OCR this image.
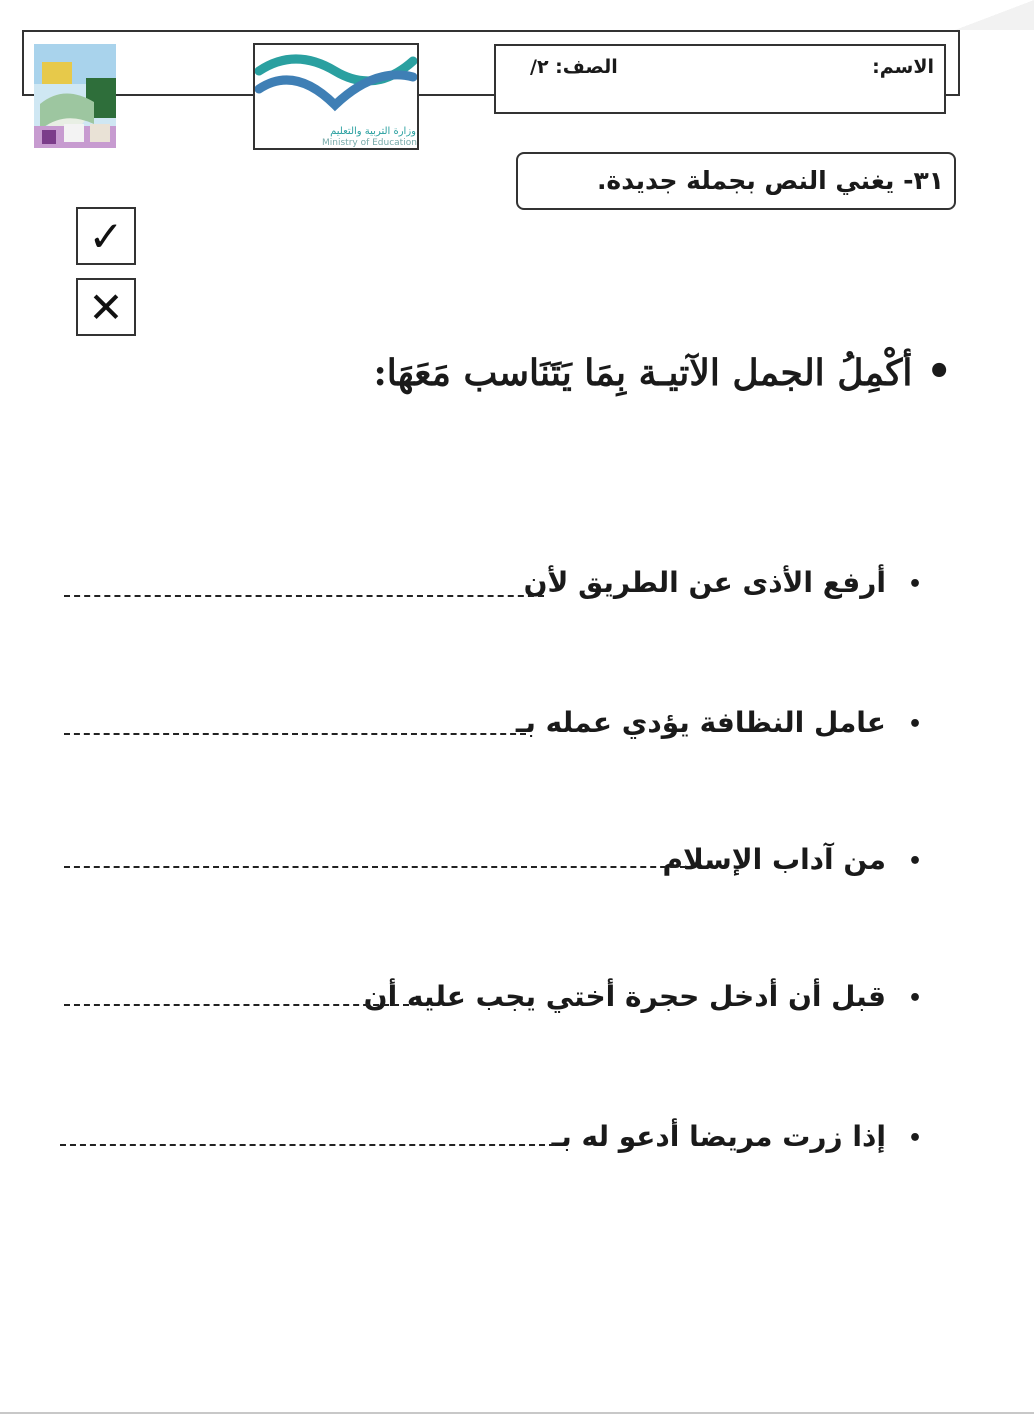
وزارة التربية والتعليم
Ministry of Education
الاسم:
الصف: ٢/
٣١- يغني النص بجملة جديدة.
✓
✕
•أكْمِلُ الجمل الآتيـة بِمَا يَتَنَاسب مَعَهَا:
•أرفع الأذى عن الطريق لأن
•عامل النظافة يؤدي عمله بـ
•من آداب الإسلام
•قبل أن أدخل حجرة أختي يجب عليه أن
•إذا زرت مريضا أدعو له بـ
